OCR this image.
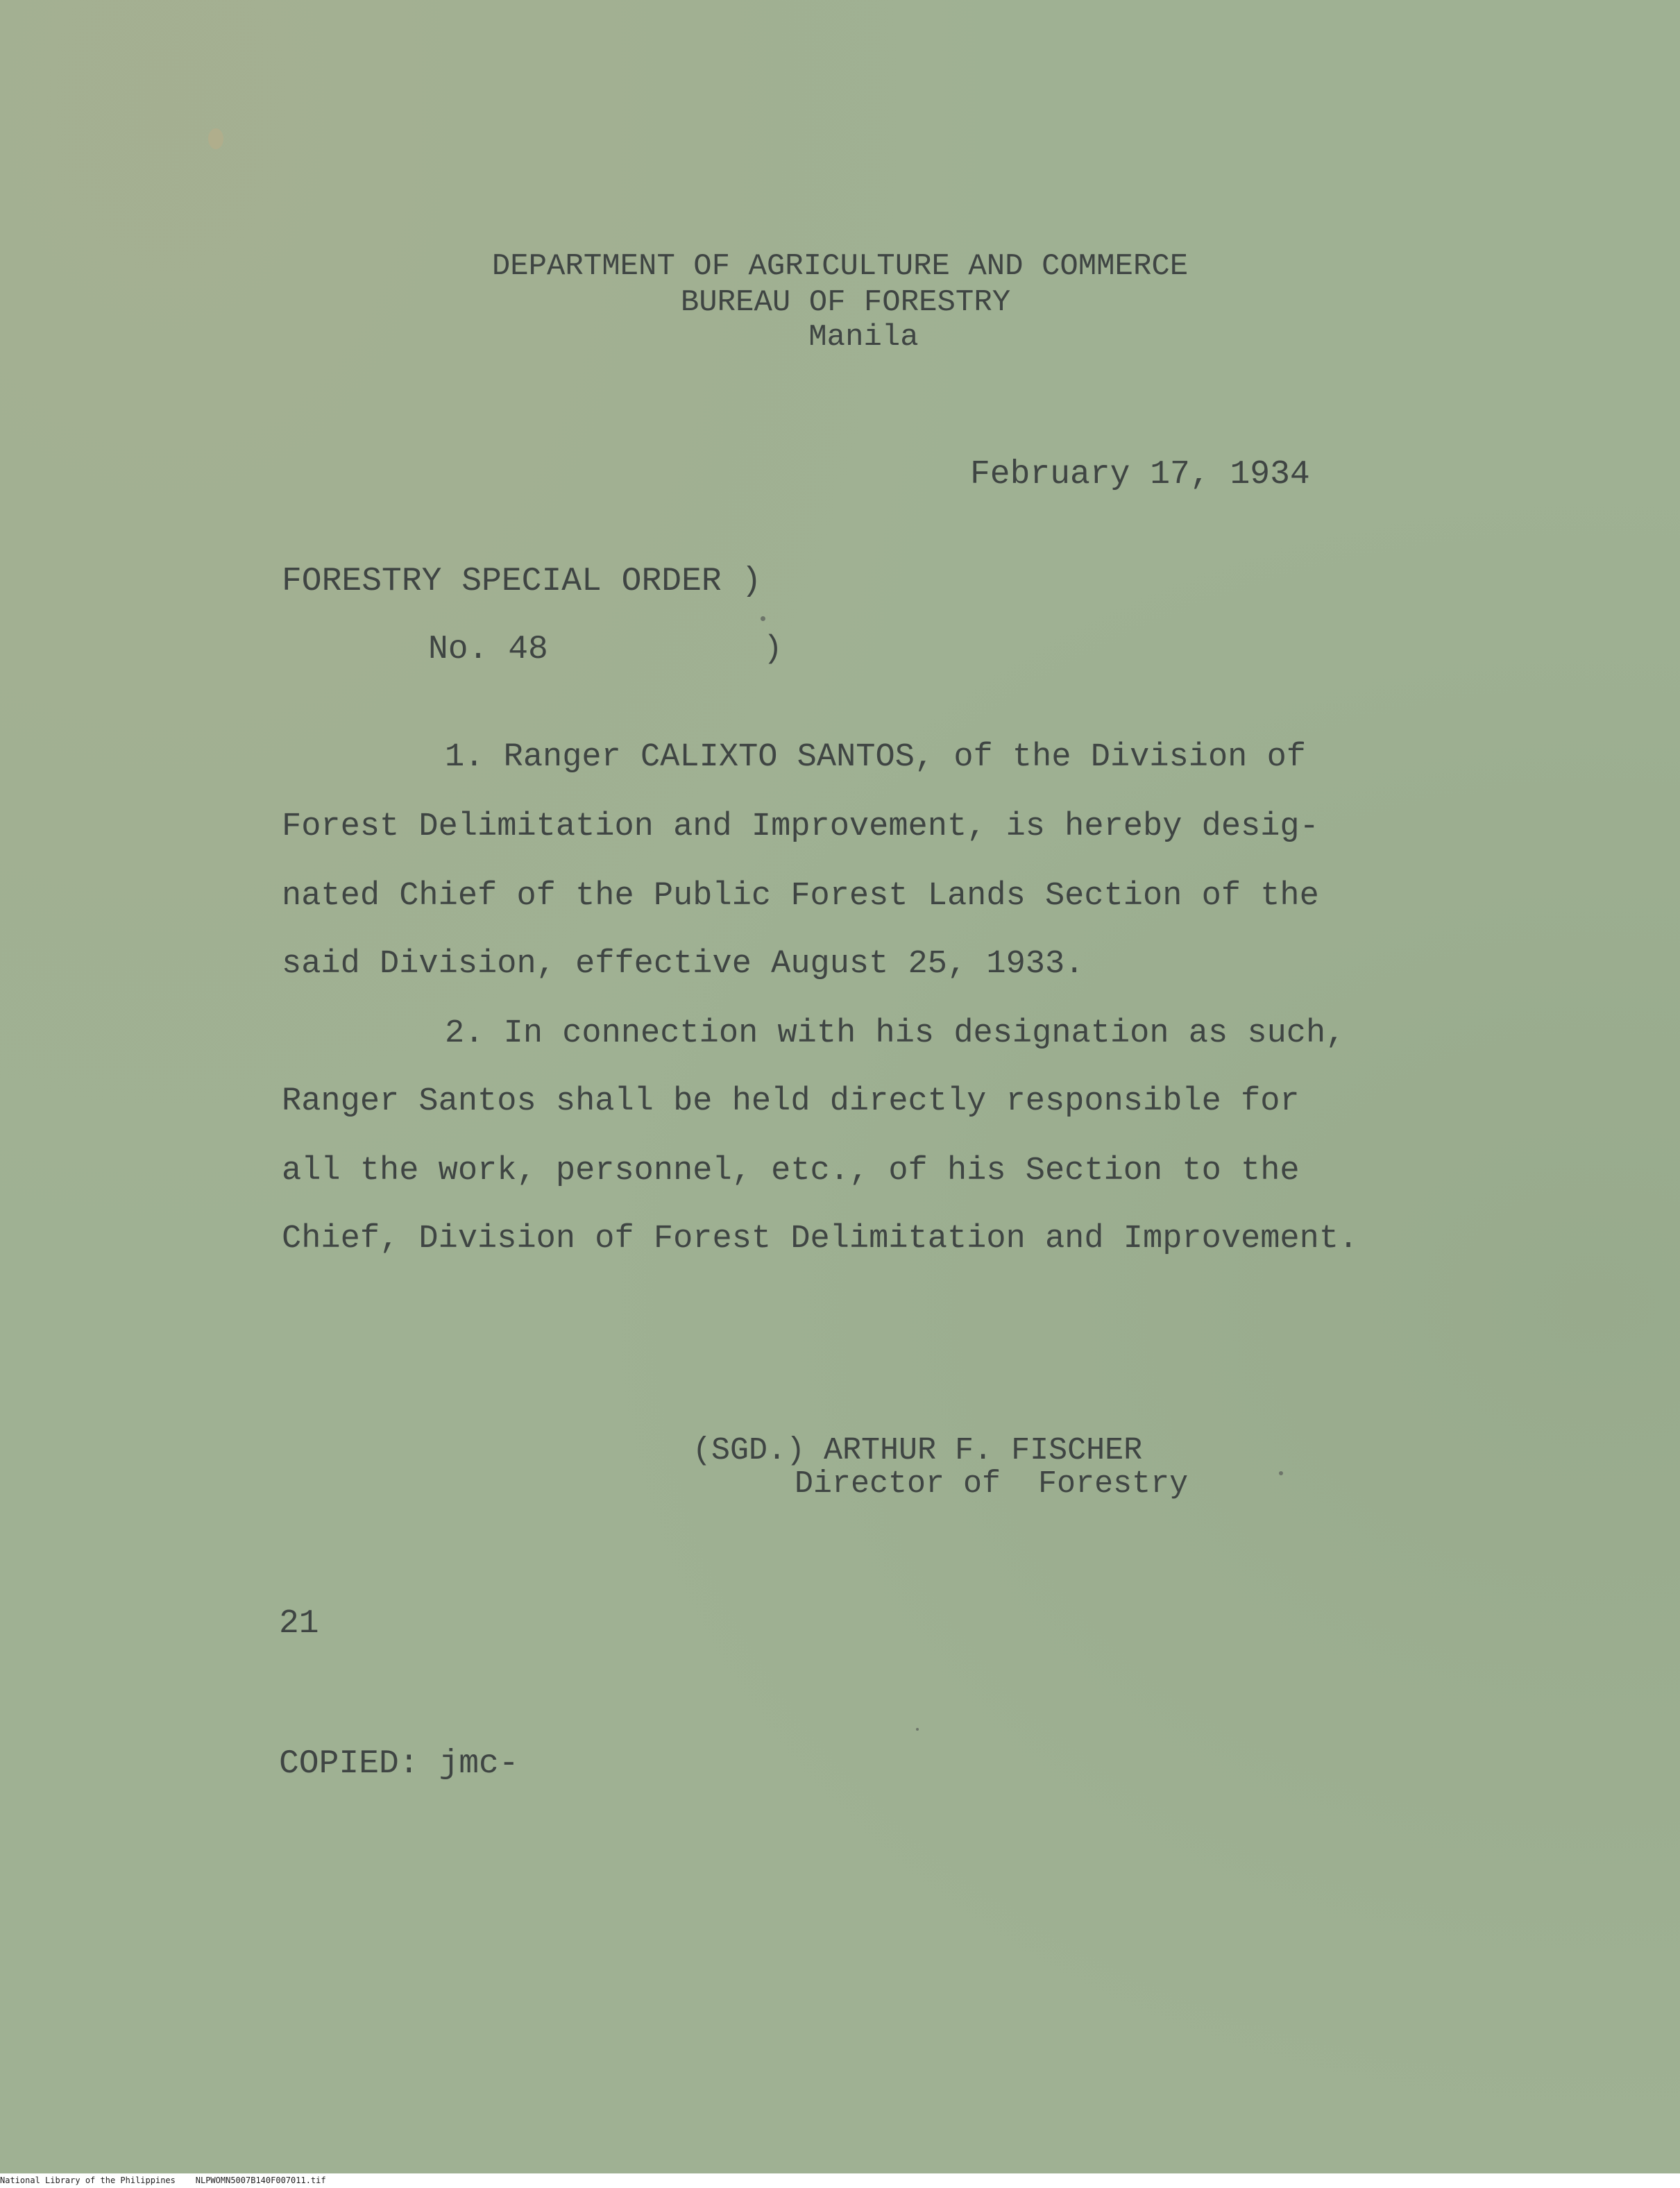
DEPARTMENT OF AGRICULTURE AND COMMERCE
BUREAU OF FORESTRY
Manila
February 17, 1934
FORESTRY SPECIAL ORDER )
No. 48	)
1. Ranger CALIXTO SANTOS, of the Division of
Forest Delimitation and Improvement, is hereby desig-
nated Chief of the Public Forest Lands Section of the
said Division, effective August 25, 1933.
2. In connection with his designation as such,
Ranger Santos shall be held directly responsible for
all the work, personnel, etc., of his Section to the
Chief, Division of Forest Delimitation and Improvement.
(SGD.) ARTHUR F. FISCHER
Director of  Forestry
21
COPIED: jmc-
National Library of the Philippines    NLPWOMN5007B140F007011.tif
